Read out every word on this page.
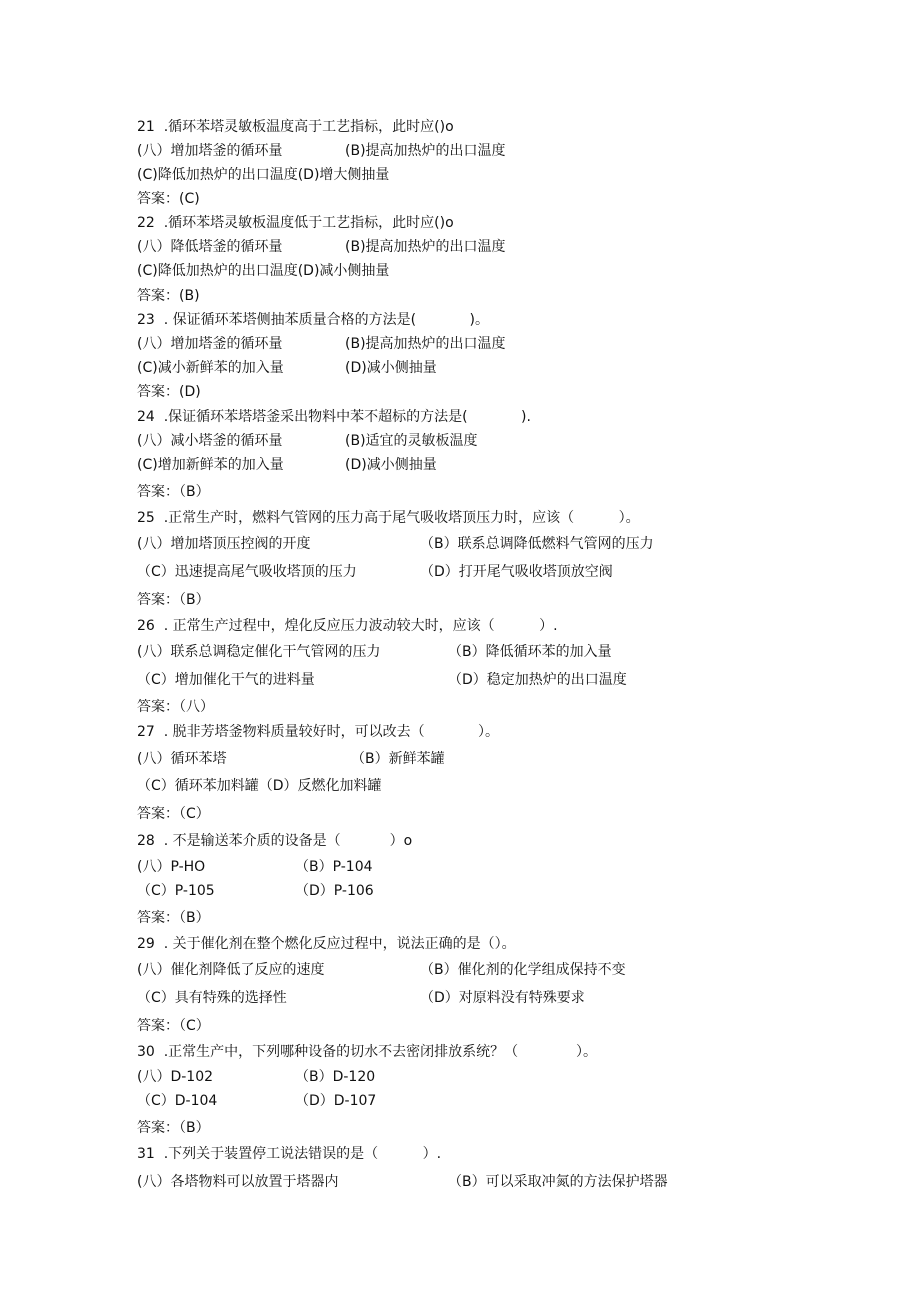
21  .循环苯塔灵敏板温度高于工艺指标，此时应()o
(八）增加塔釜的循环量	(B)提高加热炉的出口温度
(C)降低加热炉的出口温度(D)增大侧抽量
答案：(C)
22  .循环苯塔灵敏板温度低于工艺指标，此时应()o
(八）降低塔釜的循环量	(B)提高加热炉的出口温度
(C)降低加热炉的出口温度(D)减小侧抽量
答案：(B)
23  . 保证循环苯塔侧抽苯质量合格的方法是(            )。
(八）增加塔釜的循环量	(B)提高加热炉的出口温度
(C)减小新鲜苯的加入量	(D)减小侧抽量
答案：(D)
24  .保证循环苯塔塔釜采出物料中苯不超标的方法是(            ).
(八）减小塔釜的循环量	(B)适宜的灵敏板温度
(C)增加新鲜苯的加入量	(D)减小侧抽量
答案：（B）
25  .正常生产时，燃料气管网的压力高于尾气吸收塔顶压力时，应该（          ）。
(八）增加塔顶压控阀的开度	（B）联系总调降低燃料气管网的压力
（C）迅速提高尾气吸收塔顶的压力	（D）打开尾气吸收塔顶放空阀
答案：（B）
26  . 正常生产过程中，煌化反应压力波动较大时，应该（          ）.
(八）联系总调稳定催化干气管网的压力	（B）降低循环苯的加入量
（C）增加催化干气的进料量	（D）稳定加热炉的出口温度
答案：（八）
27  . 脱非芳塔釜物料质量较好时，可以改去（            ）。
(八）循环苯塔	（B）新鲜苯罐
（C）循环苯加料罐（D）反燃化加料罐
答案：（C）
28  . 不是输送苯介质的设备是（           ）o
(八）P-HO	（B）P-104
（C）P-105	（D）P-106
答案：（B）
29  . 关于催化剂在整个燃化反应过程中，说法正确的是（）。
(八）催化剂降低了反应的速度	（B）催化剂的化学组成保持不变
（C）具有特殊的选择性	（D）对原料没有特殊要求
答案：（C）
30  .正常生产中，下列哪种设备的切水不去密闭排放系统？（             ）。
(八）D-102	（B）D-120
（C）D-104	（D）D-107
答案：（B）
31  .下列关于装置停工说法错误的是（          ）.
(八）各塔物料可以放置于塔器内	（B）可以采取冲氮的方法保护塔器
